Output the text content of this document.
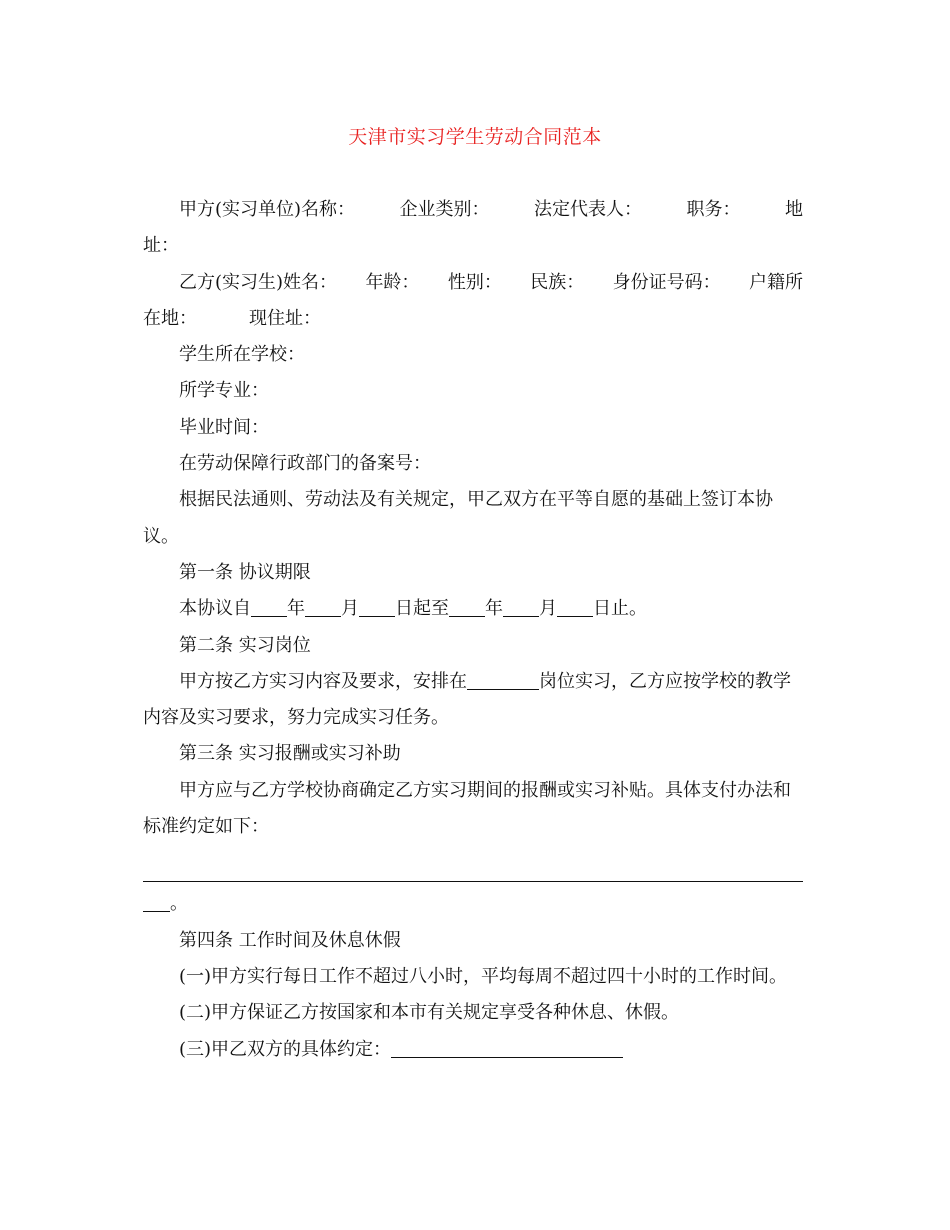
天津市实习学生劳动合同范本
甲方(实习单位)名称： 企业类别： 法定代表人： 职务： 地

址：

乙方(实习生)姓名： 年龄： 性别： 民族： 身份证号码： 户籍所

在地：	现住址：

学生所在学校：

所学专业：

毕业时间：

在劳动保障行政部门的备案号：

根据民法通则、劳动法及有关规定，甲乙双方在平等自愿的基础上签订本协议。

第一条 协议期限

本协议自 年 月 日起至 年 月 日止。

第二条 实习岗位

甲方按乙方实习内容及要求，安排在	岗位实习，乙方应按学校的教学内容及实习要求，努力完成实习任务。

第三条 实习报酬或实习补助

甲方应与乙方学校协商确定乙方实习期间的报酬或实习补贴。具体支付办法和标准约定如下：

。

第四条 工作时间及休息休假

(一)甲方实行每日工作不超过八小时，平均每周不超过四十小时的工作时间。

(二)甲方保证乙方按国家和本市有关规定享受各种休息、休假。

(三)甲乙双方的具体约定：
